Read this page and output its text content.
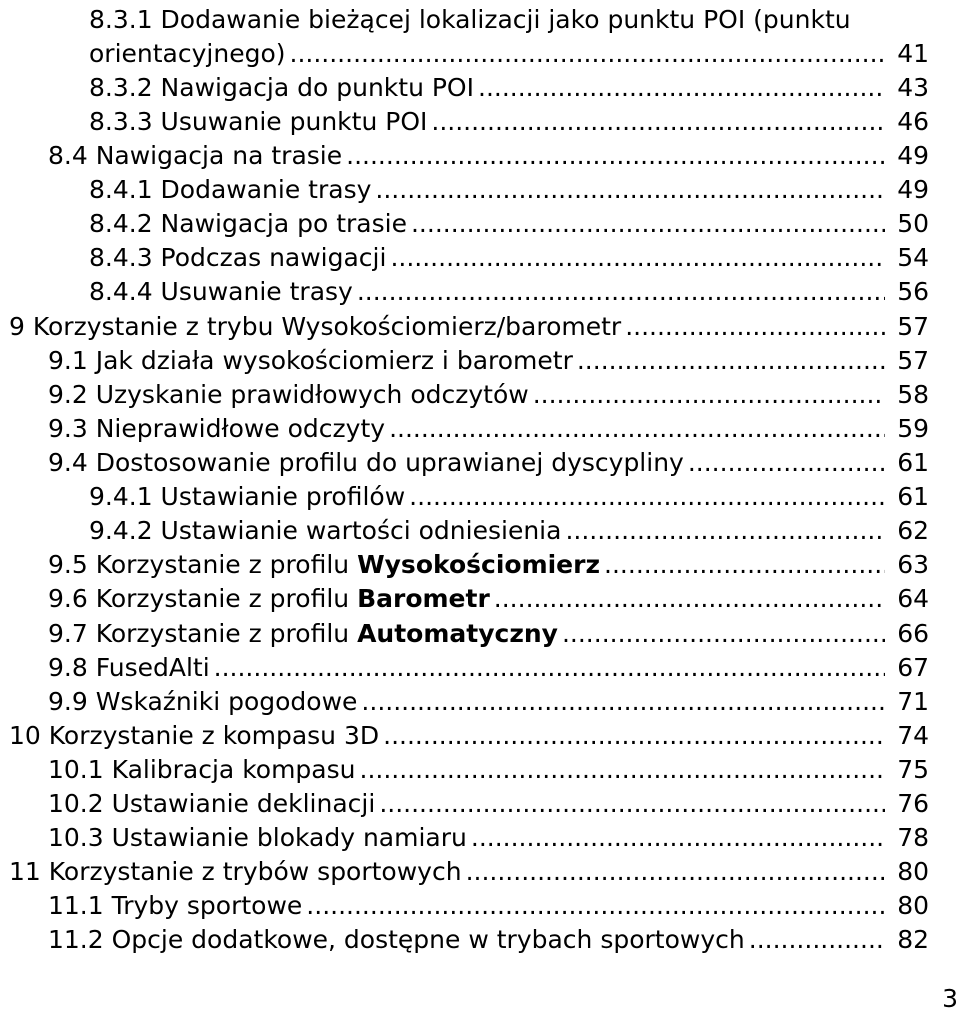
8.3.1 Dodawanie bieżącej lokalizacji jako punktu POI (punktu
orientacyjnego) .....	41
8.3.2 Nawigacja do punktu POI .....	43
8.3.3 Usuwanie punktu POI .....	46
8.4 Nawigacja na trasie .....	49
8.4.1 Dodawanie trasy .....	49
8.4.2 Nawigacja po trasie .....	50
8.4.3 Podczas nawigacji .....	54
8.4.4 Usuwanie trasy .....	56
9 Korzystanie z trybu Wysokościomierz/barometr .....	57
9.1 Jak działa wysokościomierz i barometr .....	57
9.2 Uzyskanie prawidłowych odczytów .....	58
9.3 Nieprawidłowe odczyty .....	59
9.4 Dostosowanie profilu do uprawianej dyscypliny .....	61
9.4.1 Ustawianie profilów .....	61
9.4.2 Ustawianie wartości odniesienia .....	62
9.5 Korzystanie z profilu Wysokościomierz .....	63
9.6 Korzystanie z profilu Barometr .....	64
9.7 Korzystanie z profilu Automatyczny .....	66
9.8 FusedAlti .....	67
9.9 Wskaźniki pogodowe .....	71
10 Korzystanie z kompasu 3D .....	74
10.1 Kalibracja kompasu .....	75
10.2 Ustawianie deklinacji .....	76
10.3 Ustawianie blokady namiaru .....	78
11 Korzystanie z trybów sportowych .....	80
11.1 Tryby sportowe .....	80
11.2 Opcje dodatkowe, dostępne w trybach sportowych .....	82
3
